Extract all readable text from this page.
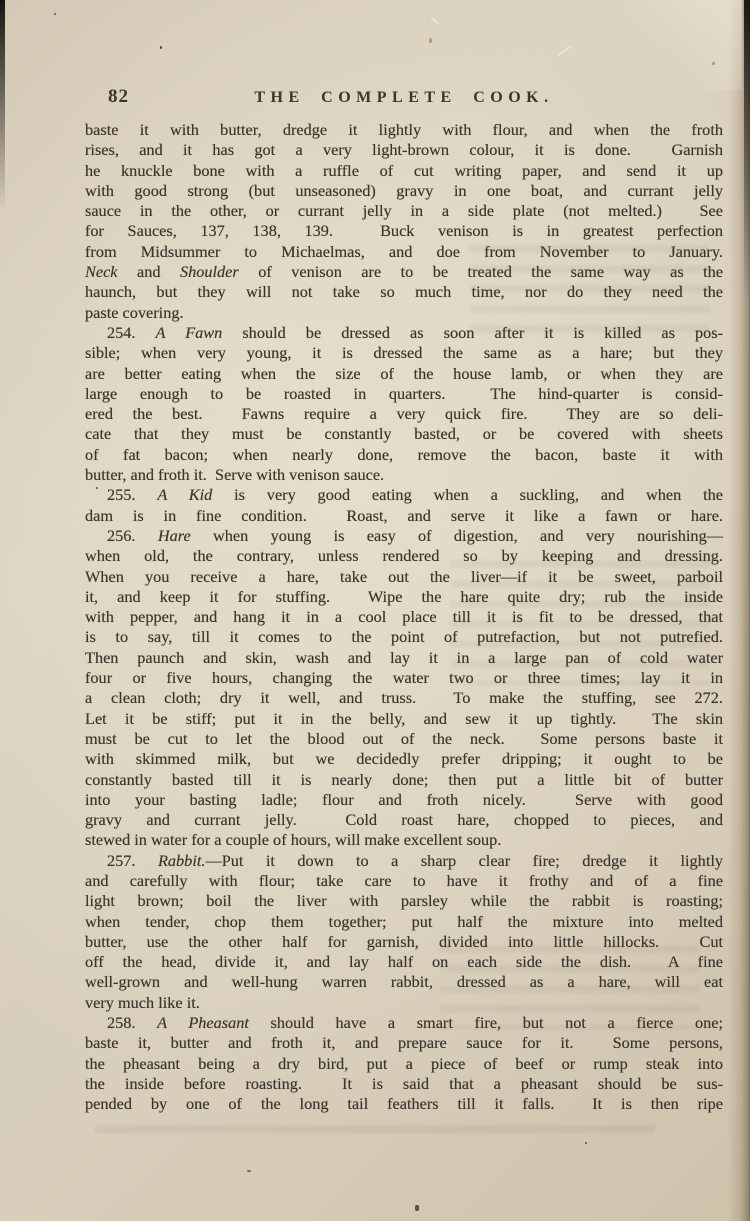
82	THE COMPLETE COOK.
baste it with butter, dredge it lightly with flour, and when the froth
rises, and it has got a very light-brown colour, it is done.  Garnish
he knuckle bone with a ruffle of cut writing paper, and send it up
with good strong (but unseasoned) gravy in one boat, and currant jelly
sauce in the other, or currant jelly in a side plate (not melted.)  See
for Sauces, 137, 138, 139.  Buck venison is in greatest perfection
from Midsummer to Michaelmas, and doe from November to January.
Neck and Shoulder of venison are to be treated the same way as the
haunch, but they will not take so much time, nor do they need the
paste covering.
254. A Fawn should be dressed as soon after it is killed as pos-
sible; when very young, it is dressed the same as a hare; but they
are better eating when the size of the house lamb, or when they are
large enough to be roasted in quarters.  The hind-quarter is consid-
ered the best.  Fawns require a very quick fire.  They are so deli-
cate that they must be constantly basted, or be covered with sheets
of fat bacon; when nearly done, remove the bacon, baste it with
butter, and froth it.  Serve with venison sauce.
255. A Kid is very good eating when a suckling, and when the
dam is in fine condition.  Roast, and serve it like a fawn or hare.
256. Hare when young is easy of digestion, and very nourishing—
when old, the contrary, unless rendered so by keeping and dressing.
When you receive a hare, take out the liver—if it be sweet, parboil
it, and keep it for stuffing.  Wipe the hare quite dry; rub the inside
with pepper, and hang it in a cool place till it is fit to be dressed, that
is to say, till it comes to the point of putrefaction, but not putrefied.
Then paunch and skin, wash and lay it in a large pan of cold water
four or five hours, changing the water two or three times; lay it in
a clean cloth; dry it well, and truss.  To make the stuffing, see 272.
Let it be stiff; put it in the belly, and sew it up tightly.  The skin
must be cut to let the blood out of the neck.  Some persons baste it
with skimmed milk, but we decidedly prefer dripping; it ought to be
constantly basted till it is nearly done; then put a little bit of butter
into your basting ladle; flour and froth nicely.  Serve with good
gravy and currant jelly.  Cold roast hare, chopped to pieces, and
stewed in water for a couple of hours, will make excellent soup.
257. Rabbit.—Put it down to a sharp clear fire; dredge it lightly
and carefully with flour; take care to have it frothy and of a fine
light brown; boil the liver with parsley while the rabbit is roasting;
when tender, chop them together; put half the mixture into melted
butter, use the other half for garnish, divided into little hillocks.  Cut
off the head, divide it, and lay half on each side the dish.  A fine
well-grown and well-hung warren rabbit, dressed as a hare, will eat
very much like it.
258. A Pheasant should have a smart fire, but not a fierce one;
baste it, butter and froth it, and prepare sauce for it.  Some persons,
the pheasant being a dry bird, put a piece of beef or rump steak into
the inside before roasting.  It is said that a pheasant should be sus-
pended by one of the long tail feathers till it falls.  It is then ripe
